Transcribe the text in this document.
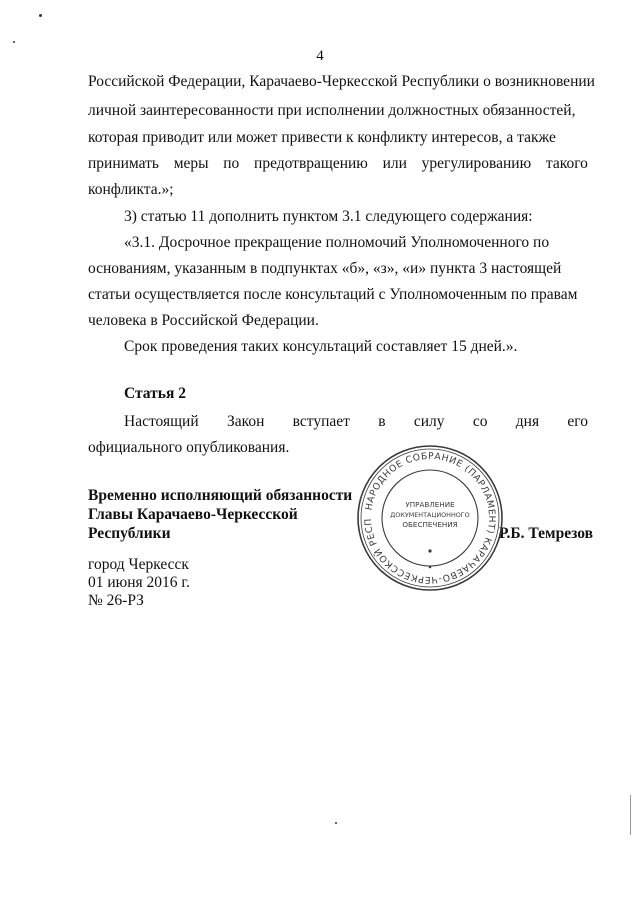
4
Российской Федерации, Карачаево-Черкесской Республики о возникновении
личной заинтересованности при исполнении должностных обязанностей,
которая приводит или может привести к конфликту интересов, а также
принимать меры по предотвращению или урегулированию такого
конфликта.»;
3) статью 11 дополнить пунктом 3.1 следующего содержания:
«3.1. Досрочное прекращение полномочий Уполномоченного по
основаниям, указанным в подпунктах «б», «з», «и» пункта 3 настоящей
статьи осуществляется после консультаций с Уполномоченным по правам
человека в Российской Федерации.
Срок проведения таких консультаций составляет 15 дней.».
Статья 2
Настоящий Закон вступает в силу со дня его
официального опубликования.
Временно исполняющий обязанности
Главы Карачаево-Черкесской
Республики	Р.Б. Темрезов
НАРОДНОЕ СОБРАНИЕ (ПАРЛАМЕНТ) КАРАЧАЕВО-ЧЕРКЕССКОЙ РЕСП
УПРАВЛЕНИЕ
ДОКУМЕНТАЦИОННОГО
ОБЕСПЕЧЕНИЯ
город Черкесск
01 июня 2016 г.
№ 26-РЗ
